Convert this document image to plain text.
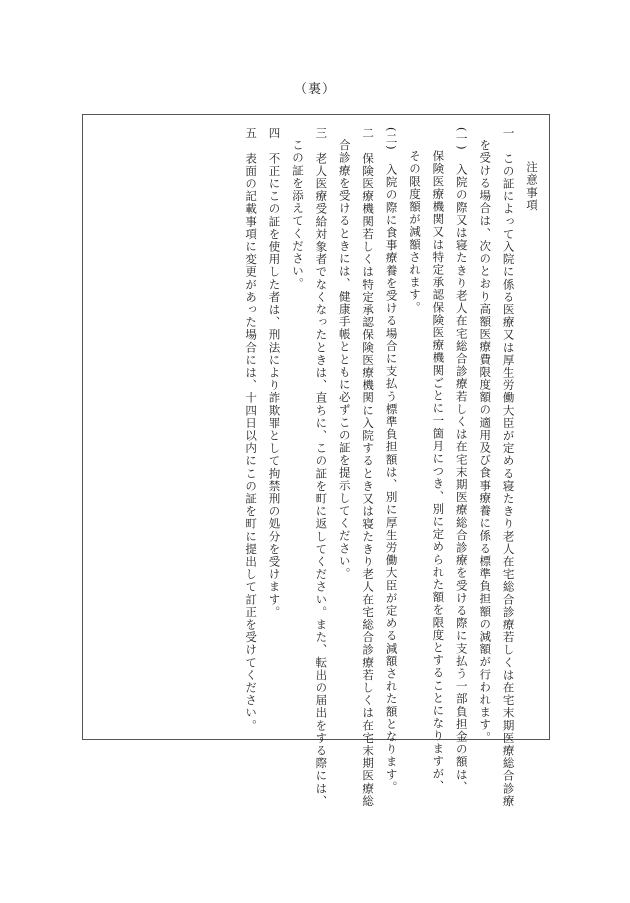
（裏）
注意事項
一　この証によって入院に係る医療又は厚生労働大臣が定める寝たきり老人在宅総合診療若しくは在宅末期医療総合診療
を受ける場合は、次のとおり高額医療費限度額の適用及び食事療養に係る標準負担額の減額が行われます。
(一)　入院の際又は寝たきり老人在宅総合診療若しくは在宅末期医療総合診療を受ける際に支払う一部負担金の額は、
保険医療機関又は特定承認保険医療機関ごとに一箇月につき、別に定められた額を限度とすることになりますが、
その限度額が減額されます。
(二)　入院の際に食事療養を受ける場合に支払う標準負担額は、別に厚生労働大臣が定める減額された額となります。
二　保険医療機関若しくは特定承認保険医療機関に入院するとき又は寝たきり老人在宅総合診療若しくは在宅末期医療総
合診療を受けるときには、健康手帳とともに必ずこの証を提示してください。
三　老人医療受給対象者でなくなったときは、直ちに、この証を町に返してください。また、転出の届出をする際には、
この証を添えてください。
四　不正にこの証を使用した者は、刑法により詐欺罪として拘禁刑の処分を受けます。
五　表面の記載事項に変更があった場合には、十四日以内にこの証を町に提出して訂正を受けてください。
